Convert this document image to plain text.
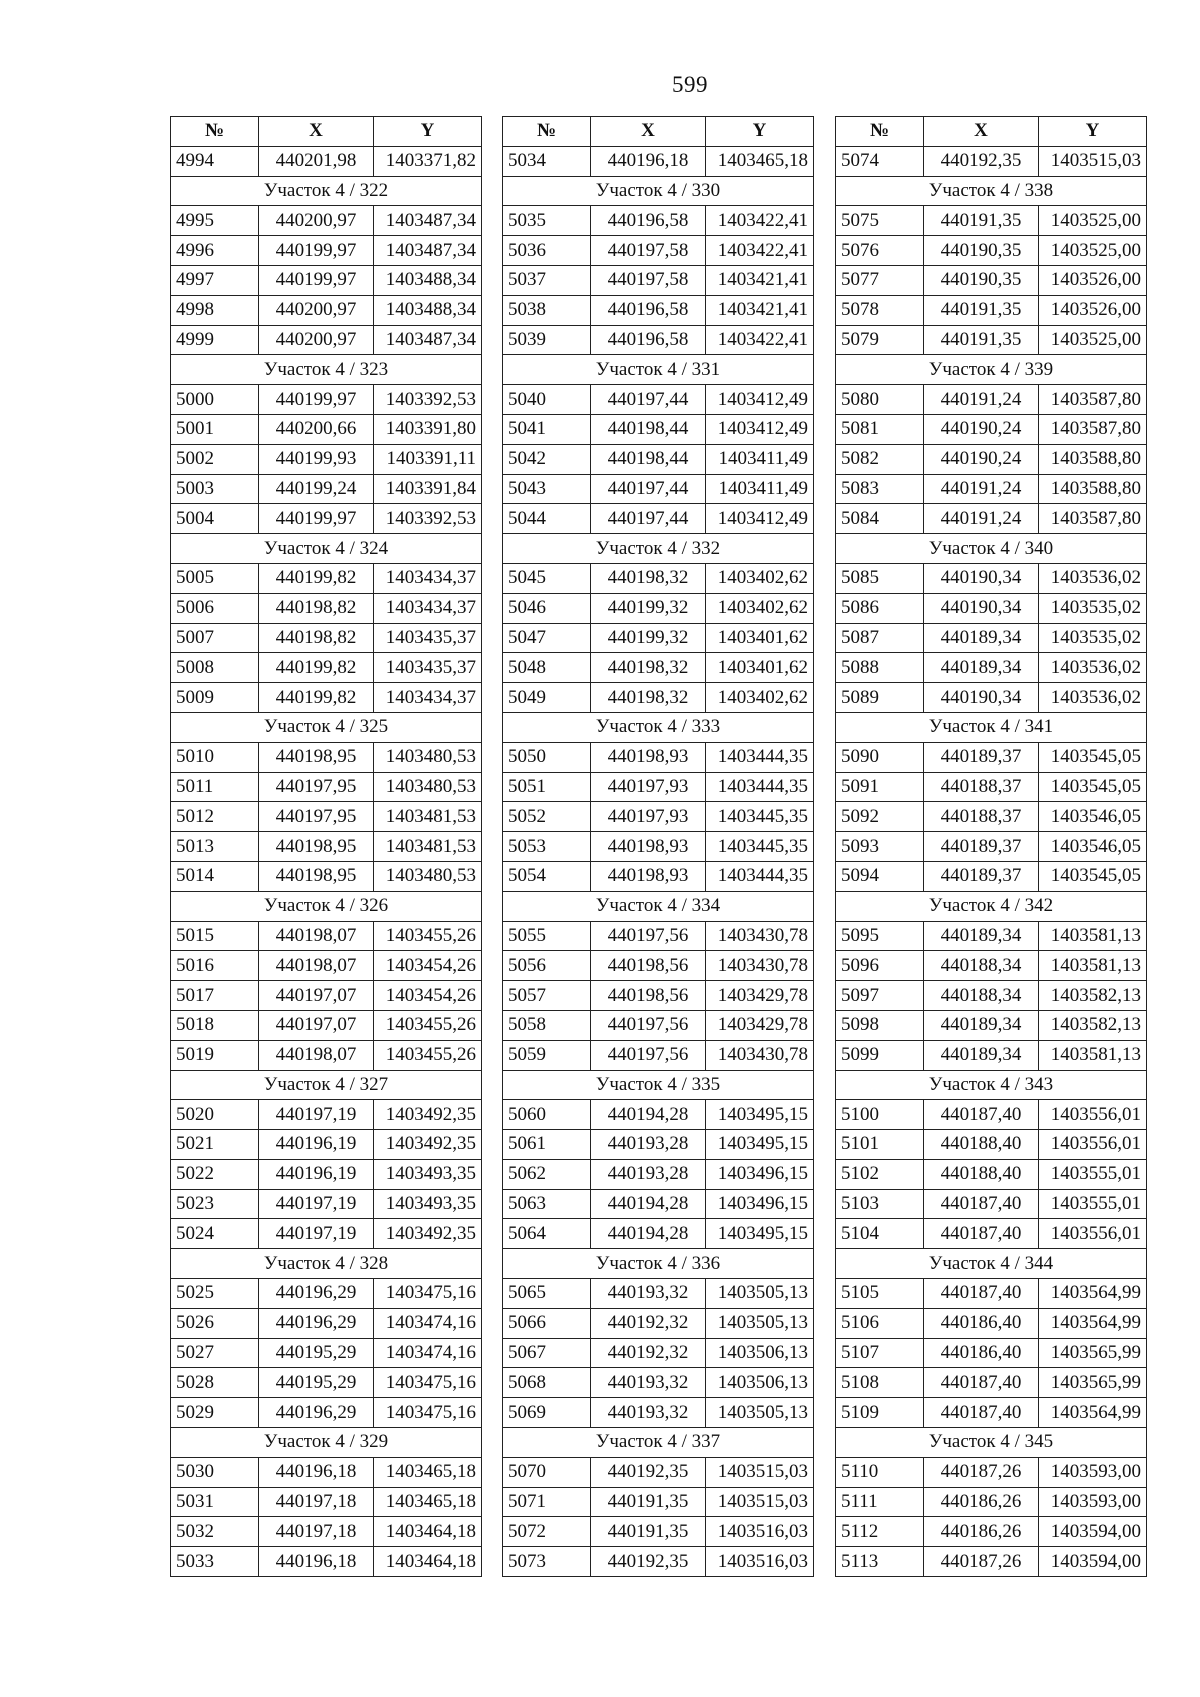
599
№	X	Y
4994	440201,98	1403371,82
Участок 4 / 322		
4995	440200,97	1403487,34
4996	440199,97	1403487,34
4997	440199,97	1403488,34
4998	440200,97	1403488,34
4999	440200,97	1403487,34
Участок 4 / 323		
5000	440199,97	1403392,53
5001	440200,66	1403391,80
5002	440199,93	1403391,11
5003	440199,24	1403391,84
5004	440199,97	1403392,53
Участок 4 / 324		
5005	440199,82	1403434,37
5006	440198,82	1403434,37
5007	440198,82	1403435,37
5008	440199,82	1403435,37
5009	440199,82	1403434,37
Участок 4 / 325		
5010	440198,95	1403480,53
5011	440197,95	1403480,53
5012	440197,95	1403481,53
5013	440198,95	1403481,53
5014	440198,95	1403480,53
Участок 4 / 326		
5015	440198,07	1403455,26
5016	440198,07	1403454,26
5017	440197,07	1403454,26
5018	440197,07	1403455,26
5019	440198,07	1403455,26
Участок 4 / 327		
5020	440197,19	1403492,35
5021	440196,19	1403492,35
5022	440196,19	1403493,35
5023	440197,19	1403493,35
5024	440197,19	1403492,35
Участок 4 / 328		
5025	440196,29	1403475,16
5026	440196,29	1403474,16
5027	440195,29	1403474,16
5028	440195,29	1403475,16
5029	440196,29	1403475,16
Участок 4 / 329		
5030	440196,18	1403465,18
5031	440197,18	1403465,18
5032	440197,18	1403464,18
5033	440196,18	1403464,18
№	X	Y
5034	440196,18	1403465,18
Участок 4 / 330		
5035	440196,58	1403422,41
5036	440197,58	1403422,41
5037	440197,58	1403421,41
5038	440196,58	1403421,41
5039	440196,58	1403422,41
Участок 4 / 331		
5040	440197,44	1403412,49
5041	440198,44	1403412,49
5042	440198,44	1403411,49
5043	440197,44	1403411,49
5044	440197,44	1403412,49
Участок 4 / 332		
5045	440198,32	1403402,62
5046	440199,32	1403402,62
5047	440199,32	1403401,62
5048	440198,32	1403401,62
5049	440198,32	1403402,62
Участок 4 / 333		
5050	440198,93	1403444,35
5051	440197,93	1403444,35
5052	440197,93	1403445,35
5053	440198,93	1403445,35
5054	440198,93	1403444,35
Участок 4 / 334		
5055	440197,56	1403430,78
5056	440198,56	1403430,78
5057	440198,56	1403429,78
5058	440197,56	1403429,78
5059	440197,56	1403430,78
Участок 4 / 335		
5060	440194,28	1403495,15
5061	440193,28	1403495,15
5062	440193,28	1403496,15
5063	440194,28	1403496,15
5064	440194,28	1403495,15
Участок 4 / 336		
5065	440193,32	1403505,13
5066	440192,32	1403505,13
5067	440192,32	1403506,13
5068	440193,32	1403506,13
5069	440193,32	1403505,13
Участок 4 / 337		
5070	440192,35	1403515,03
5071	440191,35	1403515,03
5072	440191,35	1403516,03
5073	440192,35	1403516,03
№	X	Y
5074	440192,35	1403515,03
Участок 4 / 338		
5075	440191,35	1403525,00
5076	440190,35	1403525,00
5077	440190,35	1403526,00
5078	440191,35	1403526,00
5079	440191,35	1403525,00
Участок 4 / 339		
5080	440191,24	1403587,80
5081	440190,24	1403587,80
5082	440190,24	1403588,80
5083	440191,24	1403588,80
5084	440191,24	1403587,80
Участок 4 / 340		
5085	440190,34	1403536,02
5086	440190,34	1403535,02
5087	440189,34	1403535,02
5088	440189,34	1403536,02
5089	440190,34	1403536,02
Участок 4 / 341		
5090	440189,37	1403545,05
5091	440188,37	1403545,05
5092	440188,37	1403546,05
5093	440189,37	1403546,05
5094	440189,37	1403545,05
Участок 4 / 342		
5095	440189,34	1403581,13
5096	440188,34	1403581,13
5097	440188,34	1403582,13
5098	440189,34	1403582,13
5099	440189,34	1403581,13
Участок 4 / 343		
5100	440187,40	1403556,01
5101	440188,40	1403556,01
5102	440188,40	1403555,01
5103	440187,40	1403555,01
5104	440187,40	1403556,01
Участок 4 / 344		
5105	440187,40	1403564,99
5106	440186,40	1403564,99
5107	440186,40	1403565,99
5108	440187,40	1403565,99
5109	440187,40	1403564,99
Участок 4 / 345		
5110	440187,26	1403593,00
5111	440186,26	1403593,00
5112	440186,26	1403594,00
5113	440187,26	1403594,00
